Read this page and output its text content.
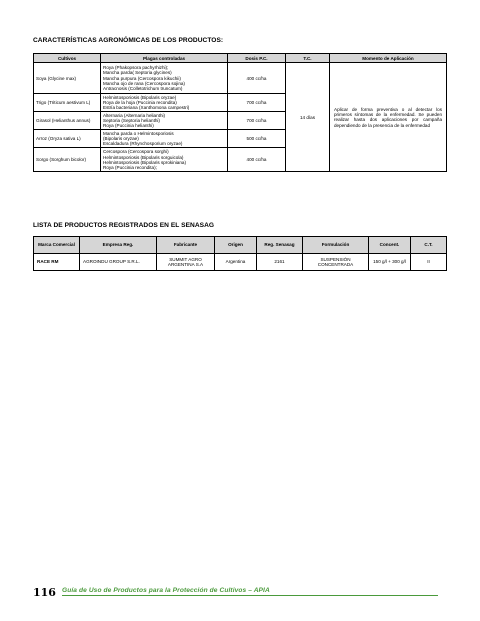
CARACTERÍSTICAS AGRONÓMICAS DE LOS PRODUCTOS:
Cultivos	Plagas controladas	Dosis P.C.	T.C.	Momento de Aplicación
Soya (Glycine max)	Roya (Phakopsora pachyrhizhi);
Mancha parda( Septoria glycines)
Mancha purpura (Cercospora kikuchii)
Mancha ojo de rana (Cercospora sojina)
Antracnosis (Colletotrichum truncatum)	400 cc/ha	14 días	Aplicar de forma preventiva o al detectar los primeros síntomas de la enfermedad. Se pueden realizar hasta dos aplicaciones por campaña dependiendo de la presencia de la enfermedad
Trigo (Triticum aestivum L)	Helmintosporiosis (Bipolaris oryzae)
Roya de la hoja (Puccinia recondita)
Estría bacteriana (Xanthomona campestri)	700 cc/ha		
Girasol (Helianthus annus)	Alternaria (Alternaria helianthi)
Septoria (Septoria helianthi)
Roya (Puccinia helianthi)	700 cc/ha		
Arroz (Oryza sativa L)	Mancha parda o Helmintosporiosis
(Bipolaris oryzae)
Escaldadura (Rhynchosporium oryzae)	500 cc/ha		
Sorgo (Sorghum bicolor)	Cercospora (Cercospora sorghi)
Helmintosporiosis (Bipolaris sorguicola)
Helmintosporiosis (Bipolaris sprokiniana)
Roya (Puccinia recondita);	400 cc/ha		
LISTA DE PRODUCTOS REGISTRADOS EN EL SENASAG
Marca Comercial	Empresa Reg.	Fabricante	Origen	Reg. Senasag	Formulación	Concent.	C.T.
RACE RM	AGROINDU GROUP S.R.L.	SUMMIT AGRO ARGENTINA S.A	Argentina	2161	SUSPENSIÓN CONCENTRADA	150 g/l + 300 g/l	II
116 Guía de Uso de Productos para la Protección de Cultivos – APIA
